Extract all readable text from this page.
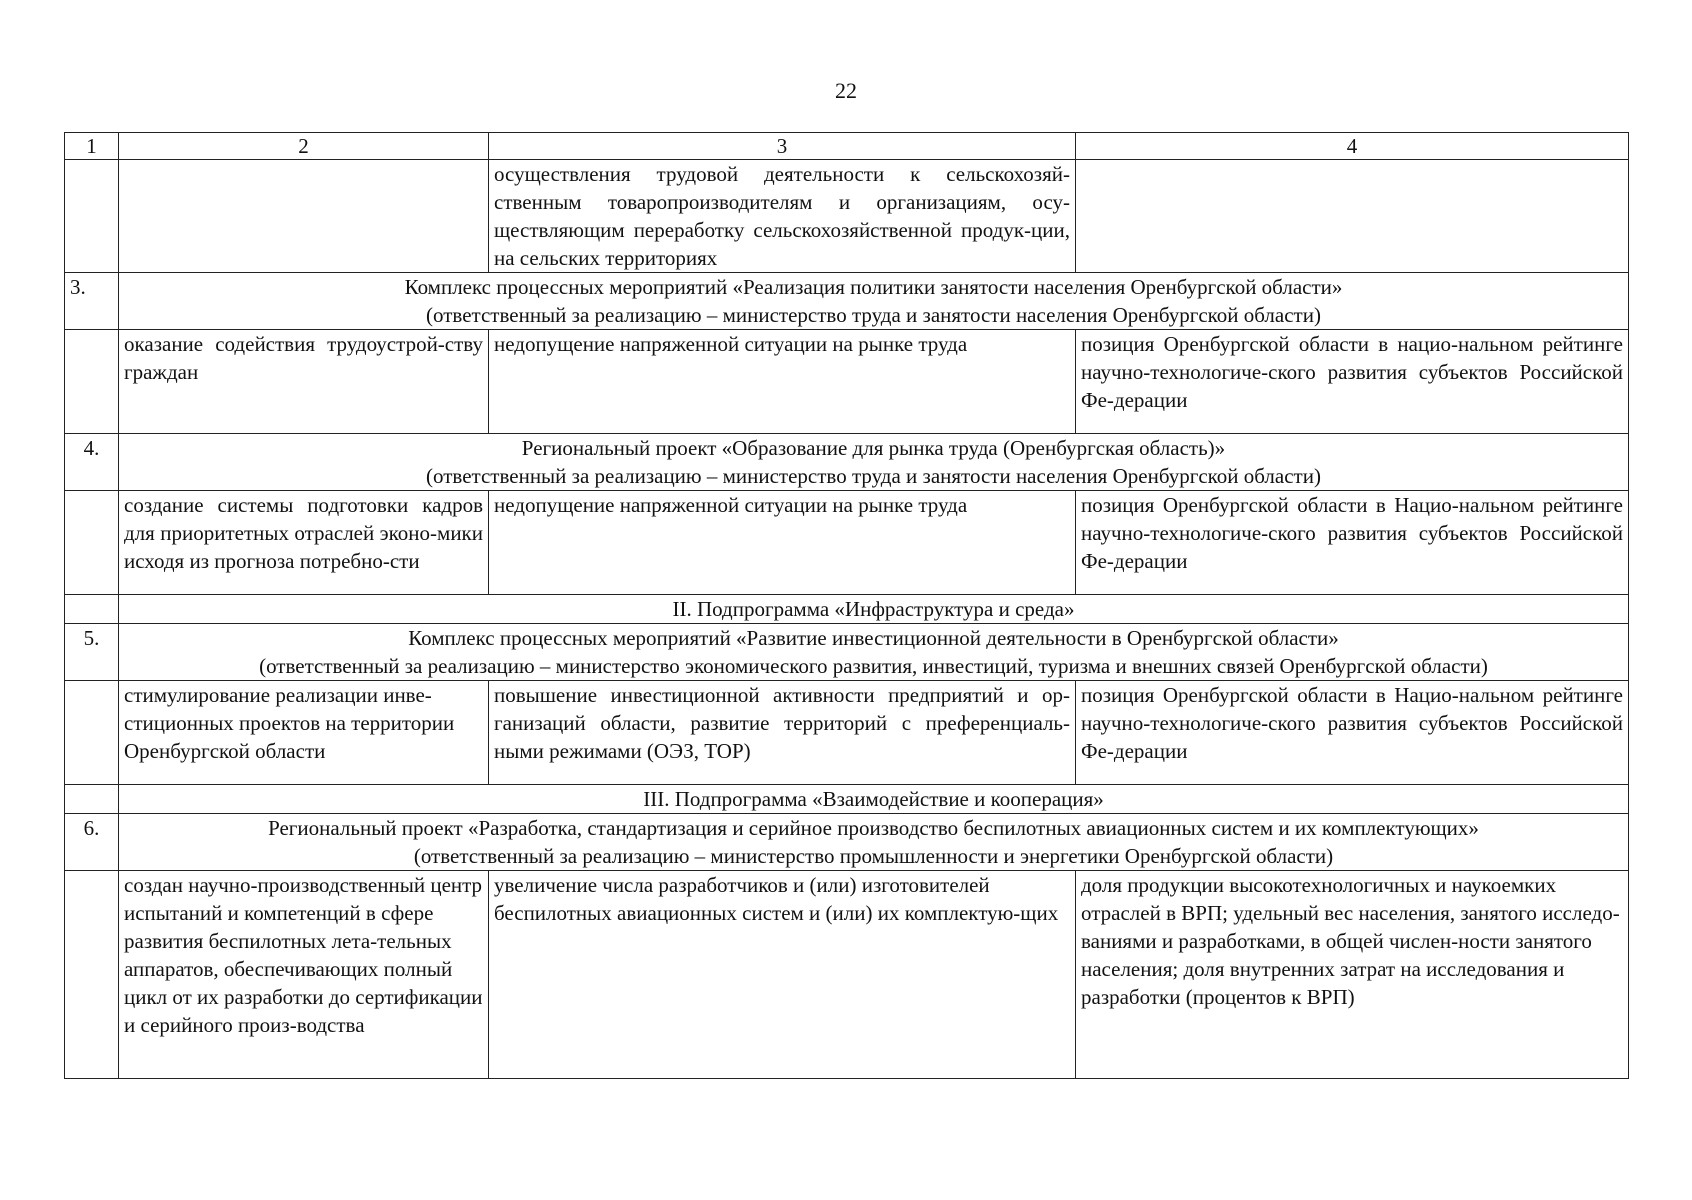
22
1	2	3	4
		осуществления трудовой деятельности к сельскохозяй-ственным товаропроизводителям и организациям, осу-ществляющим переработку сельскохозяйственной продук-ции, на сельских территориях	
3.	Комплекс процессных мероприятий «Реализация политики занятости населения Оренбургской области»
(ответственный за реализацию – министерство труда и занятости населения Оренбургской области)		

	оказание содействия трудоустрой-ству граждан	недопущение напряженной ситуации на рынке труда	позиция Оренбургской области в нацио-нальном рейтинге научно-технологиче-ского развития субъектов Российской Фе-дерации
4.	Региональный проект «Образование для рынка труда (Оренбургская область)»
(ответственный за реализацию – министерство труда и занятости населения Оренбургской области)		

	создание системы подготовки кадров для приоритетных отраслей эконо-мики исходя из прогноза потребно-сти	недопущение напряженной ситуации на рынке труда	позиция Оренбургской области в Нацио-нальном рейтинге научно-технологиче-ского развития субъектов Российской Фе-дерации
	II. Подпрограмма «Инфраструктура и среда»		
5.	Комплекс процессных мероприятий «Развитие инвестиционной деятельности в Оренбургской области»
(ответственный за реализацию – министерство экономического развития, инвестиций, туризма и внешних связей Оренбургской области)		

	стимулирование реализации инве-стиционных проектов на территории Оренбургской области	повышение инвестиционной активности предприятий и ор-ганизаций области, развитие территорий с преференциаль-ными режимами (ОЭЗ, ТОР)	позиция Оренбургской области в Нацио-нальном рейтинге научно-технологиче-ского развития субъектов Российской Фе-дерации
	III. Подпрограмма «Взаимодействие и кооперация»		
6.	Региональный проект «Разработка, стандартизация и серийное производство беспилотных авиационных систем и их комплектующих»
(ответственный за реализацию – министерство промышленности и энергетики Оренбургской области)		

	создан научно-производственный центр испытаний и компетенций в сфере развития беспилотных лета-тельных аппаратов, обеспечивающих полный цикл от их разработки до сертификации и серийного произ-водства	увеличение числа разработчиков и (или) изготовителей беспилотных авиационных систем и (или) их комплектую-щих	доля продукции высокотехнологичных и наукоемких отраслей в ВРП; удельный вес населения, занятого исследо-ваниями и разработками, в общей числен-ности занятого населения; доля внутренних затрат на исследования и разработки (процентов к ВРП)
